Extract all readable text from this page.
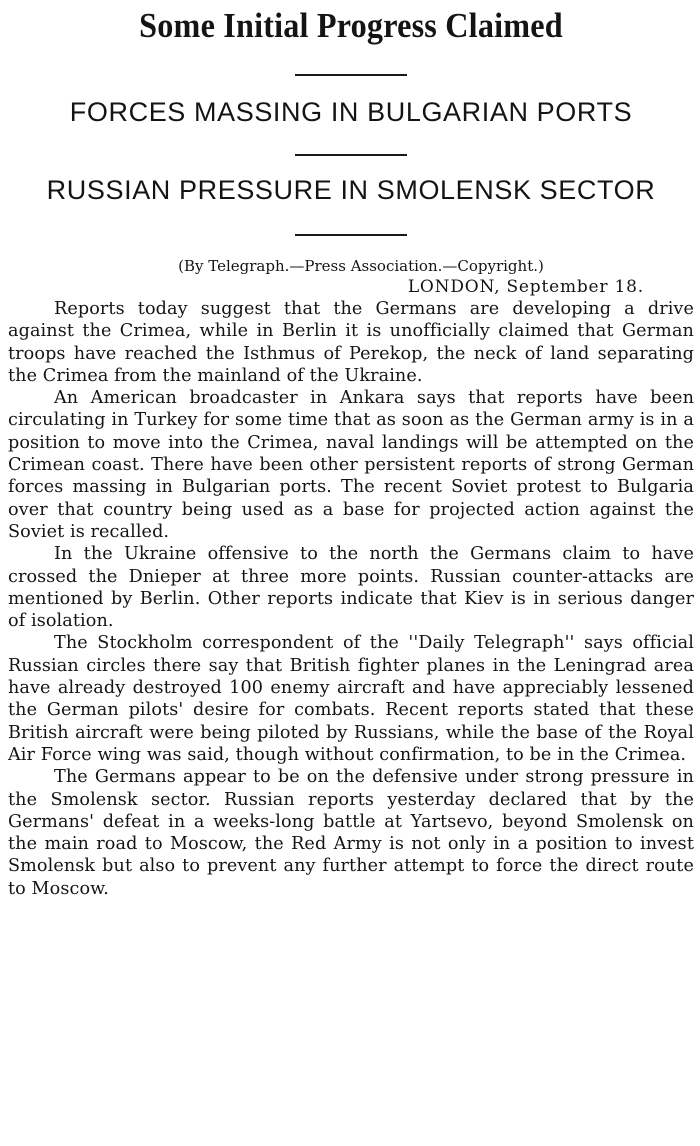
Some Initial Progress Claimed
FORCES MASSING IN BULGARIAN PORTS
RUSSIAN PRESSURE IN SMOLENSK SECTOR

(By Telegraph.—Press Association.—Copyright.)

LONDON, September 18.

Reports today suggest that the Germans are developing a drive against the Crimea, while in Berlin it is unofficially claimed that German troops have reached the Isthmus of Perekop, the neck of land separating the Crimea from the mainland of the Ukraine.

An American broadcaster in Ankara says that reports have been circulating in Turkey for some time that as soon as the German army is in a position to move into the Crimea, naval landings will be attempted on the Crimean coast. There have been other persistent reports of strong German forces massing in Bulgarian ports. The recent Soviet protest to Bulgaria over that country being used as a base for projected action against the Soviet is recalled.

In the Ukraine offensive to the north the Germans claim to have crossed the Dnieper at three more points. Russian counter-attacks are mentioned by Berlin. Other reports indicate that Kiev is in serious danger of isolation.

The Stockholm correspondent of the ''Daily Telegraph'' says official Russian circles there say that British fighter planes in the Leningrad area have already destroyed 100 enemy aircraft and have appreciably lessened the German pilots' desire for combats. Recent reports stated that these British aircraft were being piloted by Russians, while the base of the Royal Air Force wing was said, though without confirmation, to be in the Crimea.

The Germans appear to be on the defensive under strong pressure in the Smolensk sector. Russian reports yesterday declared that by the Germans' defeat in a weeks-long battle at Yartsevo, beyond Smolensk on the main road to Moscow, the Red Army is not only in a position to invest Smolensk but also to prevent any further attempt to force the direct route to Moscow.
